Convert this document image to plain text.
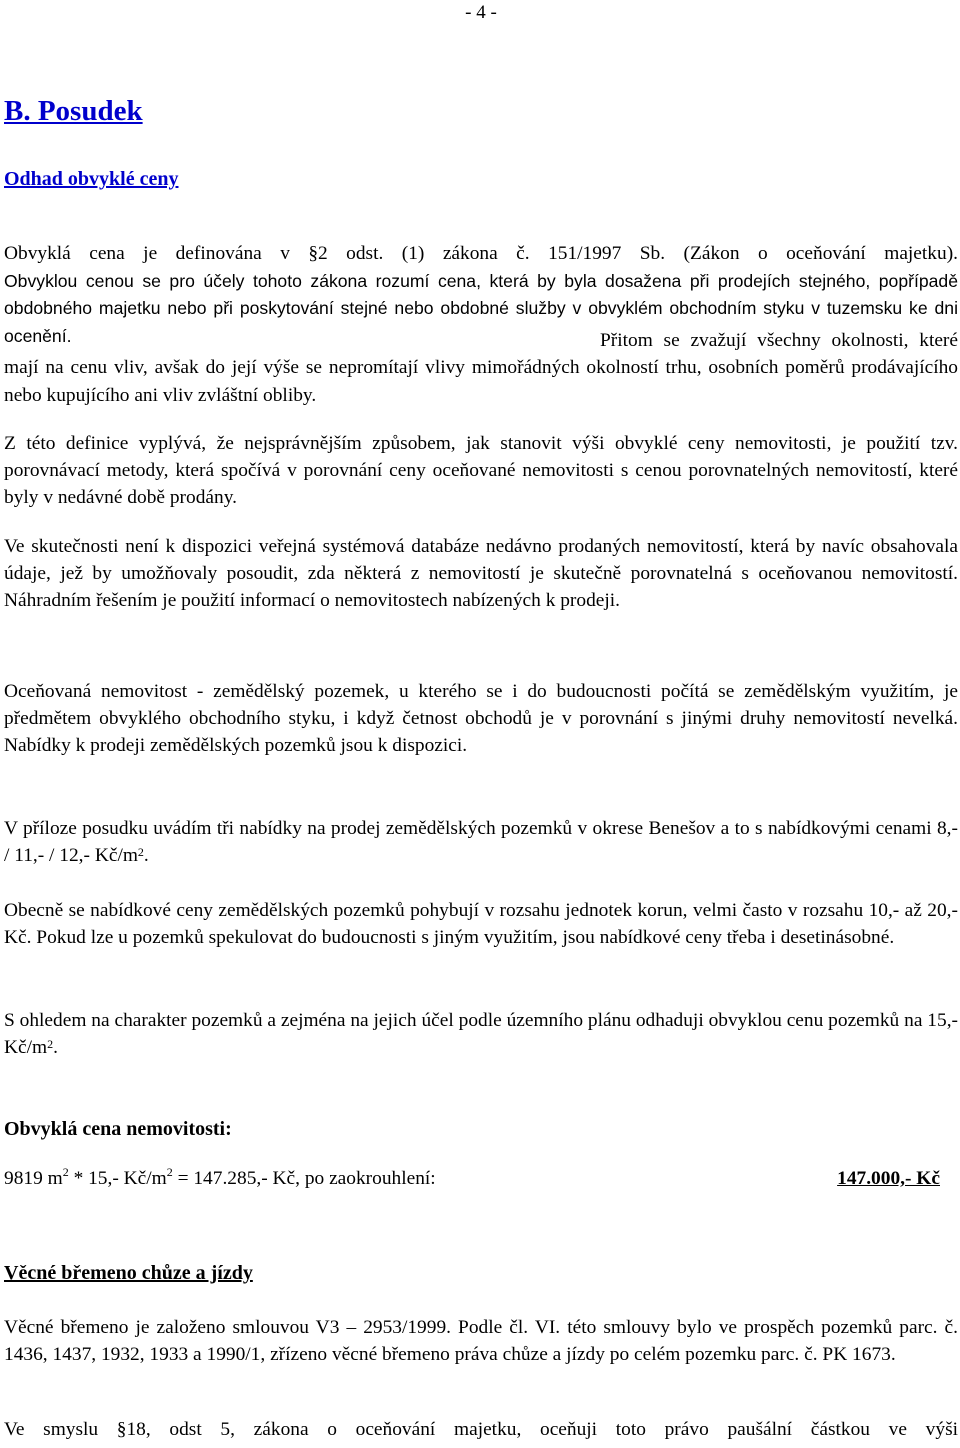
- 4 -
B. Posudek
Odhad obvyklé ceny

Obvyklá cena je definována v §2 odst. (1) zákona č. 151/1997 Sb. (Zákon o oceňování majetku).

Obvyklou cenou se pro účely tohoto zákona rozumí cena, která by byla dosažena při prodejích stejného, popřípadě obdobného majetku nebo při poskytování stejné nebo obdobné služby v obvyklém obchodním styku v tuzemsku ke dni ocenění.	Přitom se zvažují všechny okolnosti, které mají na cenu vliv, avšak do její výše se nepromítají vlivy mimořádných okolností trhu, osobních poměrů prodávajícího nebo kupujícího ani vliv zvláštní obliby.

Z této definice vyplývá, že nejsprávnějším způsobem, jak stanovit výši obvyklé ceny nemovitosti, je použití tzv. porovnávací metody, která spočívá v porovnání ceny oceňované nemovitosti s cenou porovnatelných nemovitostí, které byly v nedávné době prodány.

Ve skutečnosti není k dispozici veřejná systémová databáze nedávno prodaných nemovitostí, která by navíc obsahovala údaje, jež by umožňovaly posoudit, zda některá z nemovitostí je skutečně porovnatelná s oceňovanou nemovitostí. Náhradním řešením je použití informací o nemovitostech nabízených k prodeji.

Oceňovaná nemovitost - zemědělský pozemek, u kterého se i do budoucnosti počítá se zemědělským využitím, je předmětem obvyklého obchodního styku, i když četnost obchodů je v porovnání s jinými druhy nemovitostí nevelká. Nabídky k prodeji zemědělských pozemků jsou k dispozici.

V příloze posudku uvádím tři nabídky na prodej zemědělských pozemků v okrese Benešov a to s nabídkovými cenami 8,- / 11,- / 12,- $Kč/m^2$.

Obecně se nabídkové ceny zemědělských pozemků pohybují v rozsahu jednotek korun, velmi často v rozsahu 10,- až 20,- Kč. Pokud lze u pozemků spekulovat do budoucnosti s jiným využitím, jsou nabídkové ceny třeba i desetinásobné.

S ohledem na charakter pozemků a zejména na jejich účel podle územního plánu odhaduji obvyklou cenu pozemků na 15,- $Kč/m^2$.

Obvyklá cena nemovitosti:
9819 $m^2 * 15,-$ $Kč/m^2 = 147.285,-$ Kč, po zaokrouhlení:	147.000,- Kč
Věcné břemeno chůze a jízdy

Věcné břemeno je založeno smlouvou V3 – 2953/1999. Podle čl. VI. této smlouvy bylo ve prospěch pozemků parc. č. 1436, 1437, 1932, 1933 a 1990/1, zřízeno věcné břemeno práva chůze a jízdy po celém pozemku parc. č. PK 1673.

Ve smyslu §18, odst 5, zákona o oceňování majetku, oceňuji toto právo paušální částkou ve výši
